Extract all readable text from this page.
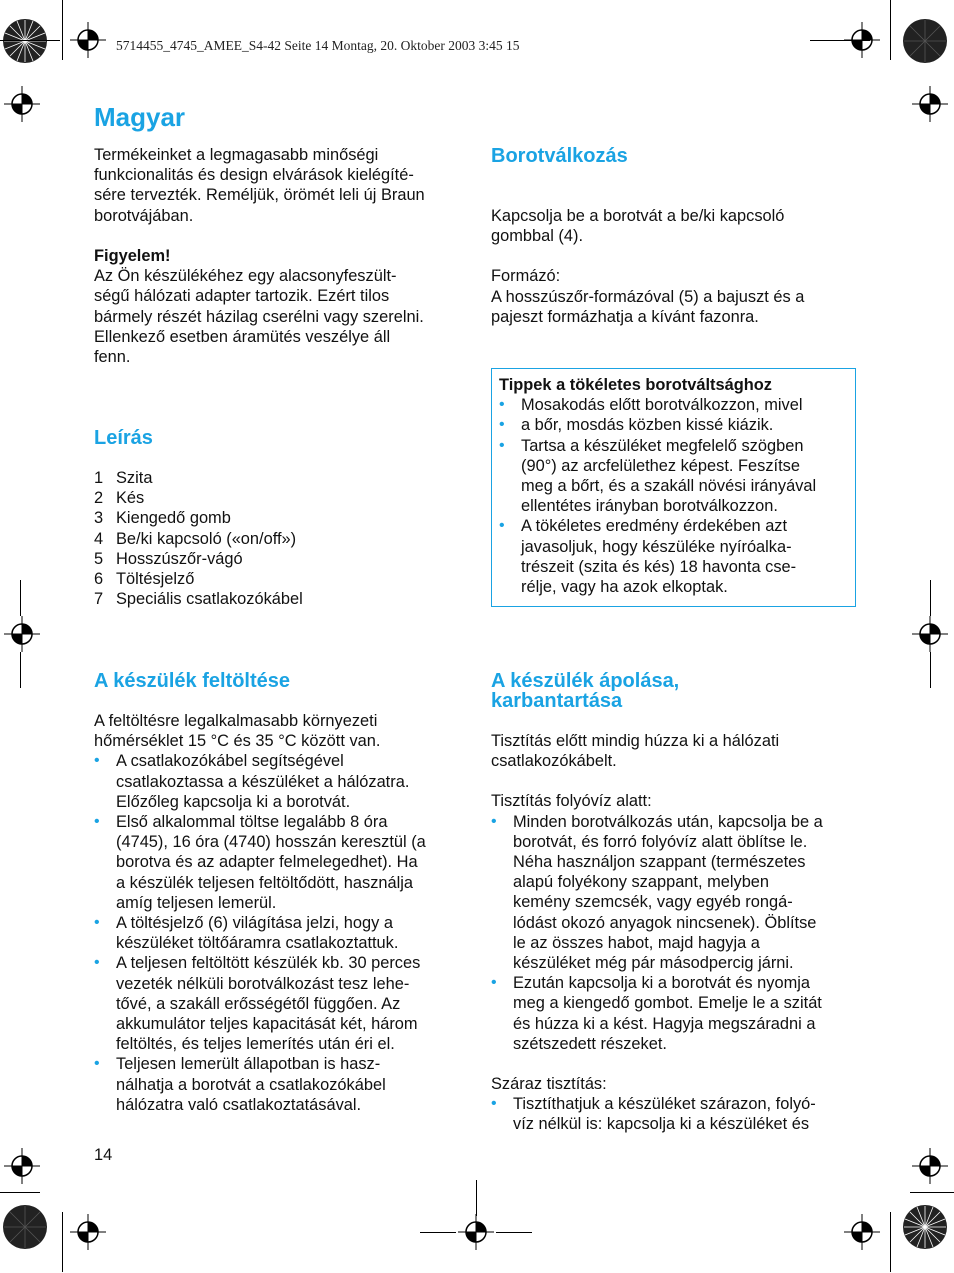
5714455_4745_AMEE_S4-42 Seite 14 Montag, 20. Oktober 2003 3:45 15
Magyar

Termékeinket a legmagasabb minőségi

funkcionalitás és design elvárások kielégíté-

sére tervezték. Reméljük, örömét leli új Braun

borotvájában.

Figyelem!

Az Ön készülékéhez egy alacsonyfeszült-

ségű hálózati adapter tartozik. Ezért tilos

bármely részét házilag cserélni vagy szerelni.

Ellenkező esetben áramütés veszélye áll

fenn.

Leírás
1 Szita
2 Kés
3 Kiengedő gomb
4 Be/ki kapcsoló («on/off»)
5 Hosszúszőr-vágó
6 Töltésjelző
7 Speciális csatlakozókábel
A készülék feltöltése

A feltöltésre legalkalmasabb környezeti

hőmérséklet 15 °C és 35 °C között van.

• A csatlakozókábel segítségével
csatlakoztassa a készüléket a hálózatra.
Előzőleg kapcsolja ki a borotvát.
• Első alkalommal töltse legalább 8 óra
(4745), 16 óra (4740) hosszán keresztül (a
borotva és az adapter felmelegedhet). Ha
a készülék teljesen feltöltődött, használja
amíg teljesen lemerül.
• A töltésjelző (6) világítása jelzi, hogy a
készüléket töltőáramra csatlakoztattuk.
• A teljesen feltöltött készülék kb. 30 perces
vezeték nélküli borotválkozást tesz lehe-
tővé, a szakáll erősségétől függően. Az
akkumulátor teljes kapacitását két, három
feltöltés, és teljes lemerítés után éri el.
• Teljesen lemerült állapotban is hasz-
nálhatja a borotvát a csatlakozókábel
hálózatra való csatlakoztatásával.
Borotválkozás

Kapcsolja be a borotvát a be/ki kapcsoló

gombbal (4).

Formázó:

A hosszúszőr-formázóval (5) a bajuszt és a

pajeszt formázhatja a kívánt fazonra.

Tippek a tökéletes borotváltsághoz
• Mosakodás előtt borotválkozzon, mivel
• a bőr, mosdás közben kissé kiázik.
• Tartsa a készüléket megfelelő szögben
(90°) az arcfelülethez képest. Feszítse
meg a bőrt, és a szakáll növési irányával
ellentétes irányban borotválkozzon.
• A tökéletes eredmény érdekében azt
javasoljuk, hogy készüléke nyíróalka-
trészeit (szita és kés) 18 havonta cse-
rélje, vagy ha azok elkoptak.
A készülék ápolása,
karbantartása

Tisztítás előtt mindig húzza ki a hálózati

csatlakozókábelt.

Tisztítás folyóvíz alatt:

• Minden borotválkozás után, kapcsolja be a
borotvát, és forró folyóvíz alatt öblítse le.
Néha használjon szappant (természetes
alapú folyékony szappant, melyben
kemény szemcsék, vagy egyéb rongá-
lódást okozó anyagok nincsenek). Öblítse
le az összes habot, majd hagyja a
készüléket még pár másodpercig járni.
• Ezután kapcsolja ki a borotvát és nyomja
meg a kiengedő gombot. Emelje le a szitát
és húzza ki a kést. Hagyja megszáradni a
szétszedett részeket.

Száraz tisztítás:

• Tisztíthatjuk a készüléket szárazon, folyó-
víz nélkül is: kapcsolja ki a készüléket és
14
